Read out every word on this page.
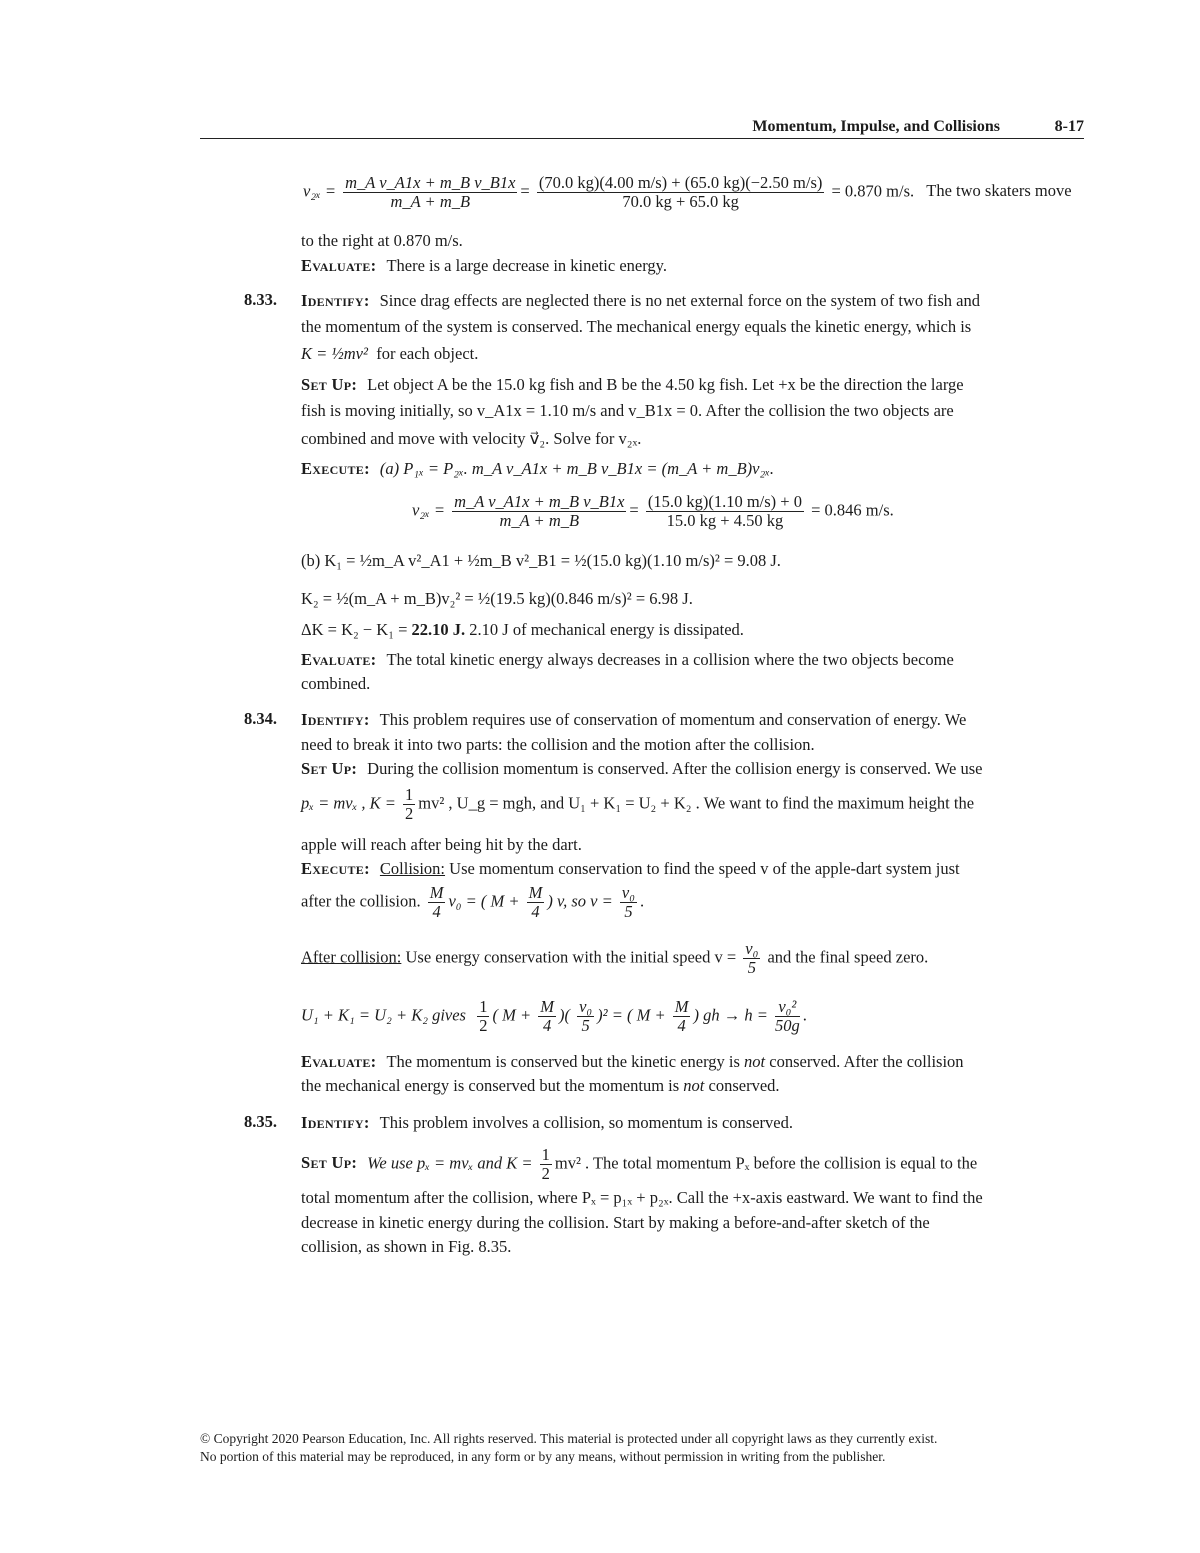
Momentum, Impulse, and Collisions	8-17
$v_{2x} = \frac{\text{m\_A v\_A1x + m\_B v\_B1x}}{m\_A + m\_B} = \frac{(70.0 kg)(4.00 m/s) + (65.0 kg)(-2.50 m/s)}{70.0 kg + 65.0 kg} = 0.870$ m/s. The two skaters move
to the right at 0.870 m/s.
Evaluate: There is a large decrease in kinetic energy.
8.33. Identify: Since drag effects are neglected there is no net external force on the system of two fish and
the momentum of the system is conserved. The mechanical energy equals the kinetic energy, which is
K = ½mv² for each object.
Set Up: Let object A be the 15.0 kg fish and B be the 4.50 kg fish. Let +x be the direction the large
fish is moving initially, so v_A1x = 1.10 m/s and v_B1x = 0. After the collision the two objects are
combined and move with velocity v⃗₂. Solve for v₂ₓ.
Execute: (a) P₁ₓ = P₂ₓ. m_A v_A1x + m_B v_B1x = (m_A + m_B)v₂ₓ.
$v_{2x} = \frac{\text{m\_A v\_A1x + m\_B v\_B1x}}{m\_A + m\_B} = \frac{(15.0 kg)(1.10 m/s) + 0}{15.0 kg + 4.50 kg} = 0.846$ m/s.
(b) K₁ = ½m_A v²_A1 + ½m_B v²_B1 = ½(15.0 kg)(1.10 m/s)² = 9.08 J.
K₂ = ½(m_A + m_B)v₂² = ½(19.5 kg)(0.846 m/s)² = 6.98 J.
ΔK = K₂ − K₁ = 22.10 J. 2.10 J of mechanical energy is dissipated.
Evaluate: The total kinetic energy always decreases in a collision where the two objects become
combined.
8.34. Identify: This problem requires use of conservation of momentum and conservation of energy. We
need to break it into two parts: the collision and the motion after the collision.
Set Up: During the collision momentum is conserved. After the collision energy is conserved. We use
pₓ = mvₓ , $K = \frac{1}{2} mv^2$ , U_g = mgh, and U₁ + K₁ = U₂ + K₂ . We want to find the maximum height the
apple will reach after being hit by the dart.
Execute: Collision: Use momentum conservation to find the speed v of the apple-dart system just
after the collision. $\frac{M}{4} v_0$ = ( $M + \frac{M}{4}$ ) v, so $v = \frac{\text{v₀}}{5}$ .
After collision: Use energy conservation with the initial speed $v = \frac{\text{v₀}}{5}$ and the final speed zero.
U₁ + K₁ = U₂ + K₂ gives $\frac{1}{2}$ ( $M + \frac{M}{4}$ )( $\frac{\text{v₀}}{5} )^2$ = ( $M + \frac{M}{4}$ ) gh → $h = \frac{\text{v₀²}}{50g}$ .
Evaluate: The momentum is conserved but the kinetic energy is not conserved. After the collision
the mechanical energy is conserved but the momentum is not conserved.
8.35. Identify: This problem involves a collision, so momentum is conserved.
Set Up: We use pₓ = mvₓ and $K = \frac{1}{2} mv^2$ . The total momentum Pₓ before the collision is equal to the
total momentum after the collision, where Pₓ = p₁ₓ + p₂ₓ. Call the +x-axis eastward. We want to find the
decrease in kinetic energy during the collision. Start by making a before-and-after sketch of the
collision, as shown in Fig. 8.35.
© Copyright 2020 Pearson Education, Inc. All rights reserved. This material is protected under all copyright laws as they currently exist.
No portion of this material may be reproduced, in any form or by any means, without permission in writing from the publisher.
